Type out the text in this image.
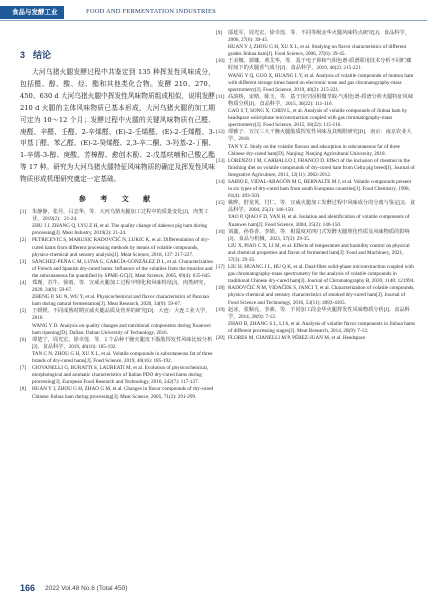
食品与发酵工业	FOOD AND FERMENTATION INDUSTRIES
3 结论

大河乌猪火腿发酵过程中共鉴定到 135 种挥发性风味成分，包括醛、醇、酸、烃、酯和其他类化合物。发酵 210、270、450、630 d 大河乌猪火腿中挥发性风味物质组成相似，说明发酵 210 d 火腿的主体风味物质已基本形成，大河乌猪火腿的加工期可定为 10～12 个月；发酵过程中火腿的关键风味物质有己醛、庚醛、辛醛、壬醛、2-辛烯醛、(E)-2-壬烯醛、(E)-2-壬烯醛、3-甲基丁醛、苯乙醛、(E)-2-癸烯醛、2,3-辛二酮、3-羟基-2-丁酮、1-辛烯-3-醇、庚酸、芳樟醇、愈创木酚、2-戊基呋喃和己酸乙酯等 17 种。研究为大河乌猪火腿特征风味物质的确定及挥发性风味物质形成机理研究奠定一定基础。

参 考 文 献
[1] 朱静静，张丹，吕志华，等．大河乌猪火腿加工过程中的质量变化[J]．肉类工业，2019(2)：21-24.
ZHU J J, ZHANG Q, LYU Z H, et al. The quality change of dahewu pig ham during processing[J]. Meat Industry, 2019(2): 21-24.
[2] PETRICEVIC S, MARUSIC RADOVČIĆ N, LUKIC K, et al. Differentiation of dry-cured hams from different processing methods by means of volatile compounds, physico-chemical and sensory analysis[J]. Meat Science, 2018, 137: 217-227.
[3] SÁNCHEZ-PEÑA C M, LUNA G, GARCÍA-GONZÁLEZ D L, et al. Characterization of French and Spanish dry-cured hams: Influence of the volatiles from the muscles and the subcutaneous fat quantified by SPME-GC[J]. Meat Science, 2005, 69(4): 635-645.
[4] 郑瑾，苏牛，徐雨，等．宣威火腿加工过程中理化和风味特征[J]．肉类研究，2020, 34(9): 59-67.
ZHENG P, SU N, WU Y, et al. Physicochemical and flavor characteristics of Panxian ham during natural fermentation[J]. Meat Research, 2020, 34(9): 59-67.
[5] 王媛媛．不同成熟时期宣威火腿品质及营养的研究[D]．大连：大连工业大学，2016.
WANG Y D. Analysis on quality changes and nutritional components during Xuanwei ham ripening[D]. Dalian: Dalian University of Technology, 2016.
[6] 谭楚宁，周光宏，徐幸莲．等．5 个品种干腌火腿皮下脂肪挥发性风味比较分析[J]．食品科学，2019, 40(16): 185-192.
TAN C N, ZHOU G H, XU X L, et al. Volatile compounds in subcutaneous fat of three brands of dry-cured hams[J]. Food Science, 2019, 40(16): 185-192.
[7] GIOVANELLI G, BURATTI S, LAUREATI M, et al. Evolution of physicochemical, morphological and aromatic characteristics of Italian PDO dry-cured hams during processing[J]. European Food Research and Technology, 2016, 242(7): 117-127.
[8] HUAN Y J, ZHOU G H, ZHAO G M, et al. Changes in flavor compounds of dry-cured Chinese Jinhua ham during processing[J]. Meat Science, 2005, 71(2): 291-299.
[9] 邬延军，周光宏，徐幸莲．等．不同等级金华火腿风味特点研究[J]．食品科学，2006, 27(6): 39-45.
HUAN Y J, ZHOU G H, XU X L, et al. Studying on flavor characteristics of different grades Jinhua ham[J]. Food Science, 2006, 27(6): 39-45.
[10] 王美娜，郭娜，黄艾华，等．基于电子鼻和气相色谱-质谱联用技术分析不同贮藏时间下的火腿香气成分[J]．食品科学，2019, 40(2): 215-221.
WANG Y Q, GUO X, HUANG L Y, et al. Analysis of volatile compounds of mutton ham with different storage times based on electronic nose and gas chromatography-mass spectrometry[J]. Food Science, 2019, 40(2): 215-221.
[11] 高韵娇，宋晴，陈玉，等．基于顶空固相微萃取-气相色谱-质谱分析火腿特征风味物质分析[J]．食品科学，2015, 36(22): 111-116.
GAO S T, SONG X, CHEN L, et al. Analysis of volatile compounds of Jinhua ham by headspace solid-phase microextraction coupled with gas chromatography-mass spectrometry[J]. Food Science, 2015, 36(22): 115-116.
[12] 谭雅子．宣汉三大干腌火腿脂质挥发性风味及其吸附研究[D]．南京：南京农业大学，2018.
TAN Y Z. Study on the volatile flavour and adsorption in subcutaneous fat of three Chinese dry-cured ham[D]. Nanjing: Nanjing Agricultural University, 2018.
[13] LORENZO J M, CARBALLO J, FRANCO D. Effect of the inclusion of chestnut in the finishing diet on volatile compounds of dry-cured ham from Celta pig breed[J]. Journal of Integrative Agriculture, 2013, 12(11): 2002-2012.
[14] SABIO E, VIDAL-ARAGÓN M C, BERNALTE M J, et al. Volatile compounds present in six types of dry-cured ham from south European countries[J]. Food Chemistry, 1998, 61(4): 493-503.
[15] 姚晔，舒龙英，付仁，等．宣威火腿加工发酵过程中风味成分的分离与鉴定[J]．食品科学，2004, 25(2): 146-150.
YAO P, QIAO F D, YAN H, et al. Isolation and identification of volatile components of Xuanwei ham[J]. Food Science, 2004, 25(2): 146-150.
[16] 刘鑫，孙春香，李娟，等．相温度对西门式发酵火腿理化性质及风味物质的影响[J]．食品与机械，2021, 37(3): 29-35.
LIU X, PIAO C X, LI M, et al. Effects of temperature and humidity control on physical and chemical properties and flavor of fermented ham[J]. Food and Machinery, 2021, 37(3): 29-35.
[17] LIU H, HUANG J L, HU Q K, et al. Dual-fiber solid-phase microextraction coupled with gas chromatography-mass spectrometry for the analysis of volatile compounds in traditional Chinese dry-cured ham[J]. Journal of Chromatography B, 2020, 1140: 121994.
[18] RADOVČIĆ N M, VIDAČEK S, JANCI T, et al. Characterization of volatile compounds, physico-chemical and sensory characteristics of smoked dry-cured ham[J]. Journal of Food Science and Technology, 2016, 53(11): 4093-4105.
[19] 赵冰，张顺亮，李素，等．不同加工段金华火腿挥发性风味物质分析[J]．食品科学，2014, 28(9): 7-12.
ZHAO B, ZHANG S L, LI S, et al. Analysis of volatile flavor components in Jinhua hams of different processing stages[J]. Meat Research, 2014, 28(9): 7-12.
[20] FLORES M, GIANELLI M P, PÉREZ-JUAN M, et al. Headspace
166 2022 Vol.48 No.6 (Total 450)
